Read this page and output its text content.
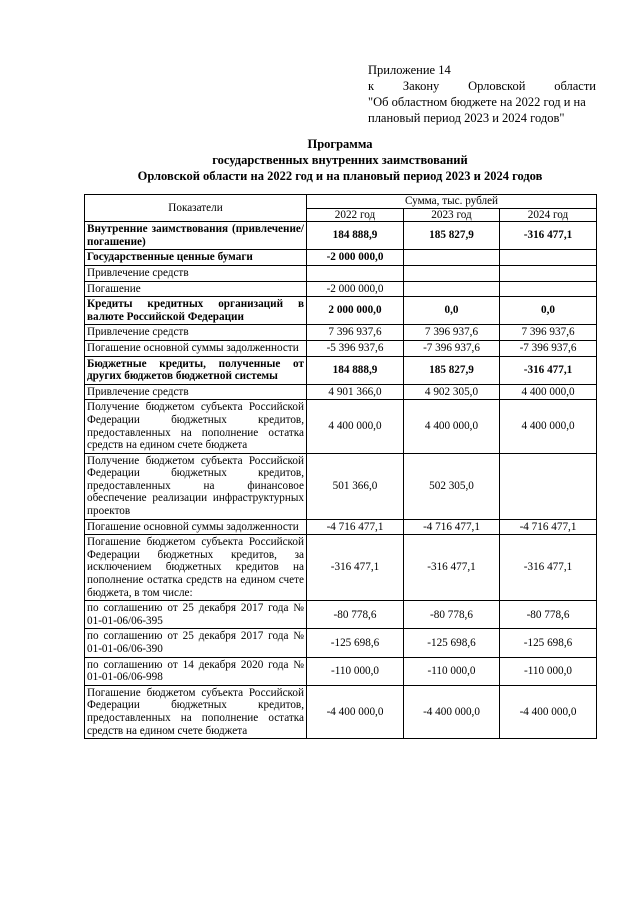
Приложение 14
к Закону Орловской области
"Об областном бюджете на 2022 год и на
плановый период 2023 и 2024 годов"
Программа
государственных внутренних заимствований
Орловской области на 2022 год и на плановый период 2023 и 2024 годов
Показатели	Сумма, тыс. рублей		
	2022 год	2023 год	2024 год
Внутренние заимствования (привлечение/погашение)	184 888,9	185 827,9	-316 477,1
Государственные ценные бумаги	-2 000 000,0		
Привлечение средств			
Погашение	-2 000 000,0		
Кредиты кредитных организаций в валюте Российской Федерации	2 000 000,0	0,0	0,0
Привлечение средств	7 396 937,6	7 396 937,6	7 396 937,6
Погашение основной суммы задолженности	-5 396 937,6	-7 396 937,6	-7 396 937,6
Бюджетные кредиты, полученные от других бюджетов бюджетной системы	184 888,9	185 827,9	-316 477,1
Привлечение средств	4 901 366,0	4 902 305,0	4 400 000,0
Получение бюджетом субъекта Российской Федерации бюджетных кредитов, предоставленных на пополнение остатка средств на едином счете бюджета	4 400 000,0	4 400 000,0	4 400 000,0
Получение бюджетом субъекта Российской Федерации бюджетных кредитов, предоставленных на финансовое обеспечение реализации инфраструктурных проектов	501 366,0	502 305,0	
Погашение основной суммы задолженности	-4 716 477,1	-4 716 477,1	-4 716 477,1
Погашение бюджетом субъекта Российской Федерации бюджетных кредитов, за исключением бюджетных кредитов на пополнение остатка средств на едином счете бюджета, в том числе:	-316 477,1	-316 477,1	-316 477,1
по соглашению от 25 декабря 2017 года № 01-01-06/06-395	-80 778,6	-80 778,6	-80 778,6
по соглашению от 25 декабря 2017 года № 01-01-06/06-390	-125 698,6	-125 698,6	-125 698,6
по соглашению от 14 декабря 2020 года № 01-01-06/06-998	-110 000,0	-110 000,0	-110 000,0
Погашение бюджетом субъекта Российской Федерации бюджетных кредитов, предоставленных на пополнение остатка средств на едином счете бюджета	-4 400 000,0	-4 400 000,0	-4 400 000,0
